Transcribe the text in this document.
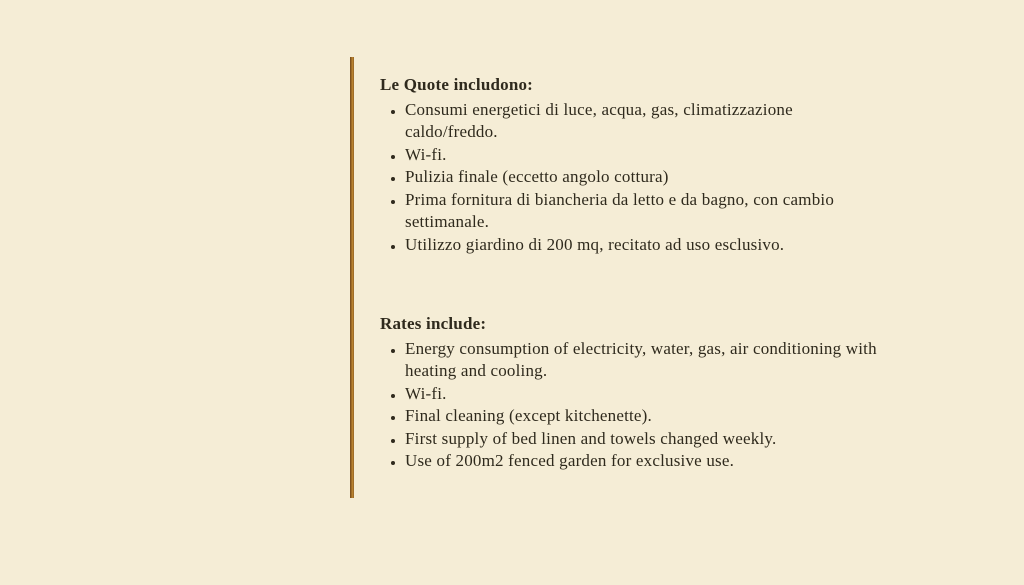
Le Quote includono:
• Consumi energetici di luce, acqua, gas, climatizzazione caldo/freddo.
• Wi-fi.
• Pulizia finale (eccetto angolo cottura)
• Prima fornitura di biancheria da letto e da bagno, con cambio settimanale.
• Utilizzo giardino di 200 mq, recitato ad uso esclusivo.
Rates include:
• Energy consumption of electricity, water, gas, air conditioning with heating and cooling.
• Wi-fi.
• Final cleaning (except kitchenette).
• First supply of bed linen and towels changed weekly.
• Use of 200m2 fenced garden for exclusive use.
